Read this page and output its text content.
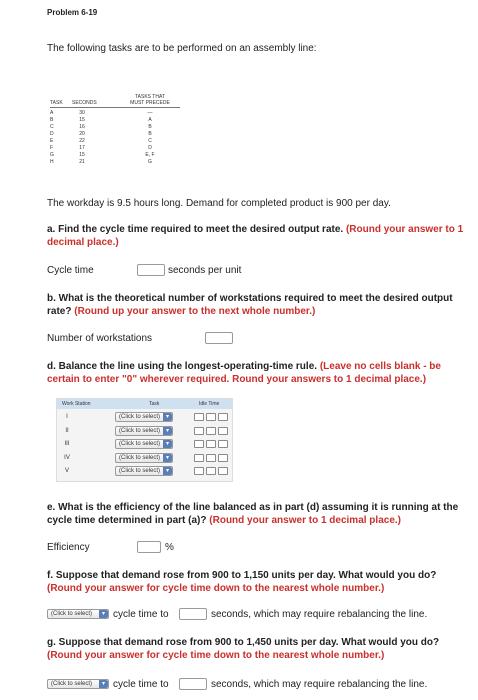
Problem 6-19
The following tasks are to be performed on an assembly line:
TASKS THAT
TASK SECONDS	MUST PRECEDE
A	30	—
B	15	A
C	16	B
D	20	B
E	22	C
F	17	D
G	15	E, F
H	21	G
The workday is 9.5 hours long. Demand for completed product is 900 per day.
a. Find the cycle time required to meet the desired output rate. (Round your answer to 1 decimal place.)
Cycle time	seconds per unit
b. What is the theoretical number of workstations required to meet the desired output rate? (Round up your answer to the next whole number.)
Number of workstations
d. Balance the line using the longest-operating-time rule. (Leave no cells blank - be certain to enter "0" wherever required. Round your answers to 1 decimal place.)
Work Station	Task	Idle Time
I	(Click to select) ▾
II	(Click to select) ▾
III	(Click to select) ▾
IV	(Click to select) ▾
V	(Click to select) ▾
e. What is the efficiency of the line balanced as in part (d) assuming it is running at the cycle time determined in part (a)? (Round your answer to 1 decimal place.)
Efficiency	%
f. Suppose that demand rose from 900 to 1,150 units per day. What would you do? (Round your answer for cycle time down to the nearest whole number.)
(Click to select)	▾ cycle time to	seconds, which may require rebalancing the line.
g. Suppose that demand rose from 900 to 1,450 units per day. What would you do? (Round your answer for cycle time down to the nearest whole number.)
(Click to select)	▾ cycle time to	seconds, which may require rebalancing the line.
